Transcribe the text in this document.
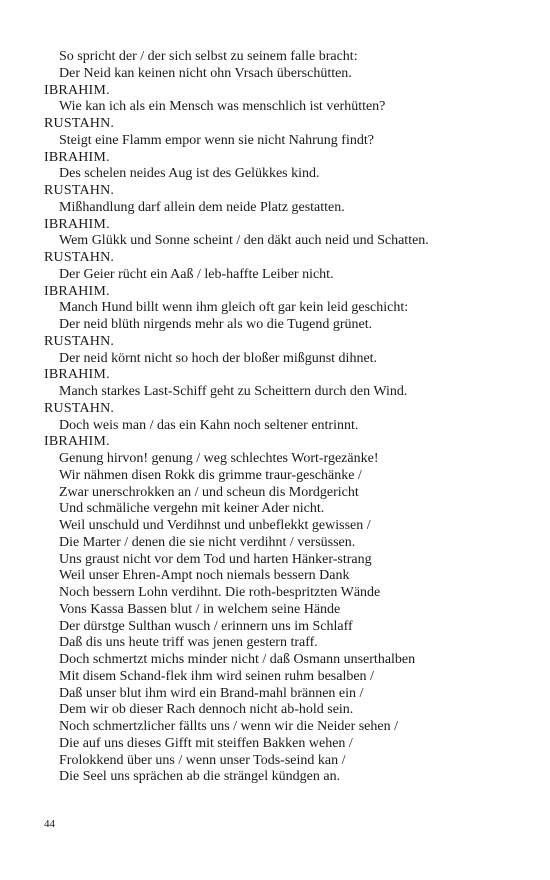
So spricht der / der sich selbst zu seinem falle bracht:
Der Neid kan keinen nicht ohn Vrsach überschütten.
IBRAHIM.
Wie kan ich als ein Mensch was menschlich ist verhütten?
RUSTAHN.
Steigt eine Flamm empor wenn sie nicht Nahrung findt?
IBRAHIM.
Des schelen neides Aug ist des Gelükkes kind.
RUSTAHN.
Mißhandlung darf allein dem neide Platz gestatten.
IBRAHIM.
Wem Glükk und Sonne scheint / den däkt auch neid und Schatten.
RUSTAHN.
Der Geier rücht ein Aaß / leb-haffte Leiber nicht.
IBRAHIM.
Manch Hund billt wenn ihm gleich oft gar kein leid geschicht:
Der neid blüth nirgends mehr als wo die Tugend grünet.
RUSTAHN.
Der neid körnt nicht so hoch der bloßer mißgunst dihnet.
IBRAHIM.
Manch starkes Last-Schiff geht zu Scheittern durch den Wind.
RUSTAHN.
Doch weis man / das ein Kahn noch seltener entrinnt.
IBRAHIM.
Genung hirvon! genung / weg schlechtes Wort-rgezänke!
Wir nähmen disen Rokk dis grimme traur-geschänke /
Zwar unerschrokken an / und scheun dis Mordgericht
Und schmäliche vergehn mit keiner Ader nicht.
Weil unschuld und Verdihnst und unbeflekkt gewissen /
Die Marter / denen die sie nicht verdihnt / versüssen.
Uns graust nicht vor dem Tod und harten Hänker-strang
Weil unser Ehren-Ampt noch niemals bessern Dank
Noch bessern Lohn verdihnt. Die roth-bespritzten Wände
Vons Kassa Bassen blut / in welchem seine Hände
Der dürstge Sulthan wusch / erinnern uns im Schlaff
Daß dis uns heute triff was jenen gestern traff.
Doch schmertzt michs minder nicht / daß Osmann unserthalben
Mit disem Schand-flek ihm wird seinen ruhm besalben /
Daß unser blut ihm wird ein Brand-mahl brännen ein /
Dem wir ob dieser Rach dennoch nicht ab-hold sein.
Noch schmertzlicher fällts uns / wenn wir die Neider sehen /
Die auf uns dieses Gifft mit steiffen Bakken wehen /
Frolokkend über uns / wenn unser Tods-seind kan /
Die Seel uns sprächen ab die strängel kündgen an.
44
